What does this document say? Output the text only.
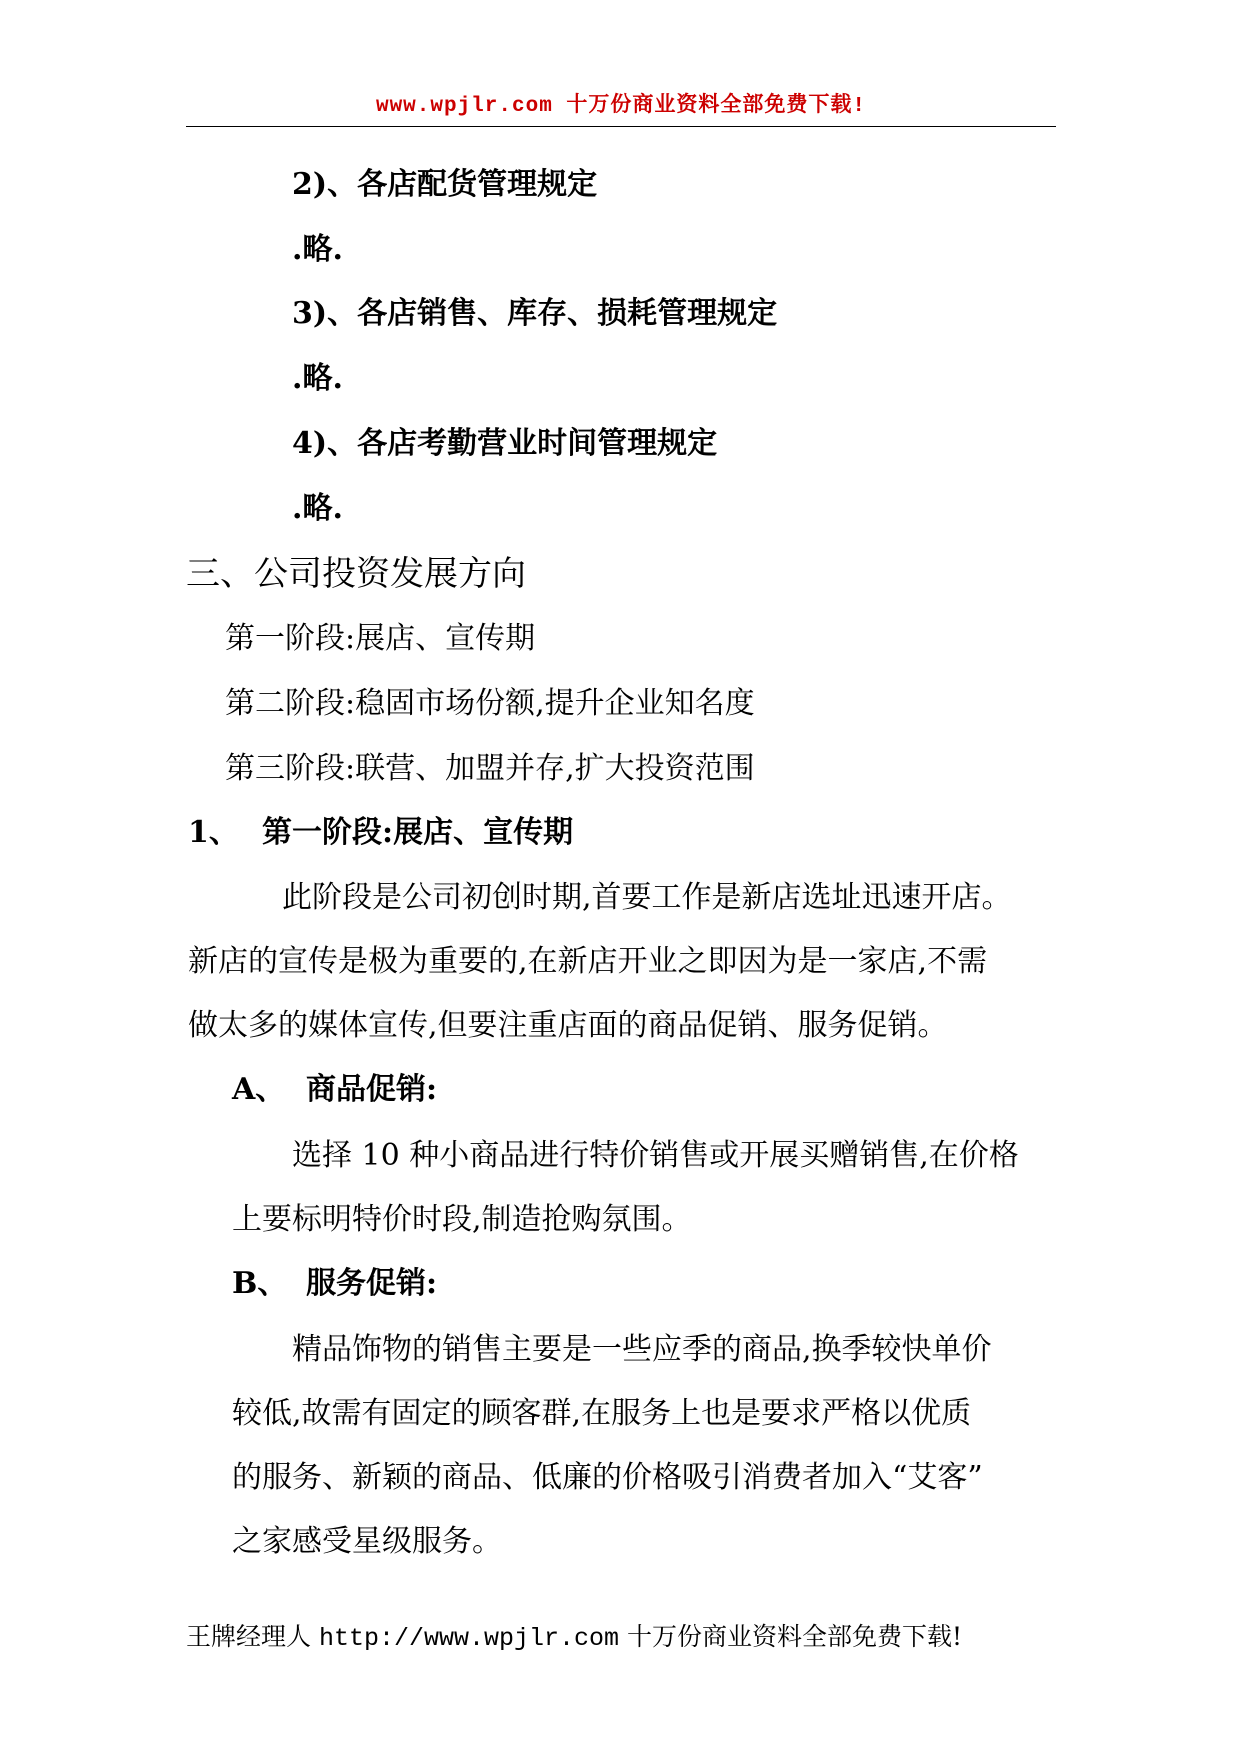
www.wpjlr.com 十万份商业资料全部免费下载!
2)、各店配货管理规定
.略.
3)、各店销售、库存、损耗管理规定
.略.
4)、各店考勤营业时间管理规定
.略.
三、公司投资发展方向
第一阶段:展店、宣传期
第二阶段:稳固市场份额,提升企业知名度
第三阶段:联营、加盟并存,扩大投资范围
1、 第一阶段:展店、宣传期
此阶段是公司初创时期,首要工作是新店选址迅速开店。
新店的宣传是极为重要的,在新店开业之即因为是一家店,不需
做太多的媒体宣传,但要注重店面的商品促销、服务促销。
A、 商品促销:
选择 10 种小商品进行特价销售或开展买赠销售,在价格
上要标明特价时段,制造抢购氛围。
B、 服务促销:
精品饰物的销售主要是一些应季的商品,换季较快单价
较低,故需有固定的顾客群,在服务上也是要求严格以优质
的服务、新颖的商品、低廉的价格吸引消费者加入“艾客”
之家感受星级服务。
王牌经理人 http://www.wpjlr.com 十万份商业资料全部免费下载!
